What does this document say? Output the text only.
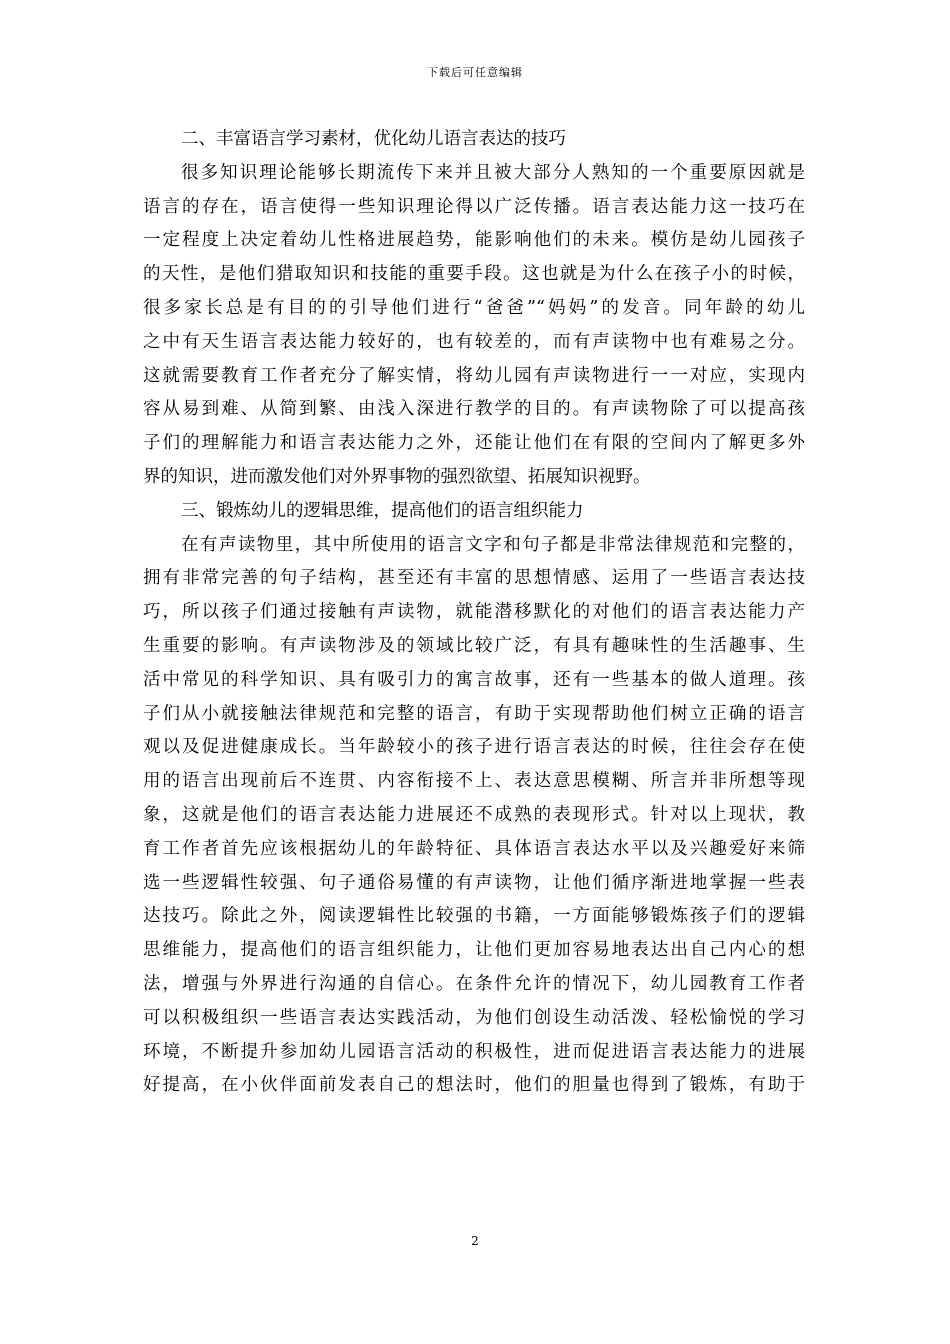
下载后可任意编辑
二、丰富语言学习素材，优化幼儿语言表达的技巧
很多知识理论能够长期流传下来并且被大部分人熟知的一个重要原因就是
语言的存在，语言使得一些知识理论得以广泛传播。语言表达能力这一技巧在
一定程度上决定着幼儿性格进展趋势，能影响他们的未来。模仿是幼儿园孩子
的天性，是他们猎取知识和技能的重要手段。这也就是为什么在孩子小的时候，
很多家长总是有目的的引导他们进行“爸爸”“妈妈”的发音。同年龄的幼儿
之中有天生语言表达能力较好的，也有较差的，而有声读物中也有难易之分。
这就需要教育工作者充分了解实情，将幼儿园有声读物进行一一对应，实现内
容从易到难、从简到繁、由浅入深进行教学的目的。有声读物除了可以提高孩
子们的理解能力和语言表达能力之外，还能让他们在有限的空间内了解更多外
界的知识，进而激发他们对外界事物的强烈欲望、拓展知识视野。
三、锻炼幼儿的逻辑思维，提高他们的语言组织能力
在有声读物里，其中所使用的语言文字和句子都是非常法律规范和完整的，
拥有非常完善的句子结构，甚至还有丰富的思想情感、运用了一些语言表达技
巧，所以孩子们通过接触有声读物，就能潜移默化的对他们的语言表达能力产
生重要的影响。有声读物涉及的领域比较广泛，有具有趣味性的生活趣事、生
活中常见的科学知识、具有吸引力的寓言故事，还有一些基本的做人道理。孩
子们从小就接触法律规范和完整的语言，有助于实现帮助他们树立正确的语言
观以及促进健康成长。当年龄较小的孩子进行语言表达的时候，往往会存在使
用的语言出现前后不连贯、内容衔接不上、表达意思模糊、所言并非所想等现
象，这就是他们的语言表达能力进展还不成熟的表现形式。针对以上现状，教
育工作者首先应该根据幼儿的年龄特征、具体语言表达水平以及兴趣爱好来筛
选一些逻辑性较强、句子通俗易懂的有声读物，让他们循序渐进地掌握一些表
达技巧。除此之外，阅读逻辑性比较强的书籍，一方面能够锻炼孩子们的逻辑
思维能力，提高他们的语言组织能力，让他们更加容易地表达出自己内心的想
法，增强与外界进行沟通的自信心。在条件允许的情况下，幼儿园教育工作者
可以积极组织一些语言表达实践活动，为他们创设生动活泼、轻松愉悦的学习
环境，不断提升参加幼儿园语言活动的积极性，进而促进语言表达能力的进展
好提高，在小伙伴面前发表自己的想法时，他们的胆量也得到了锻炼，有助于
2
